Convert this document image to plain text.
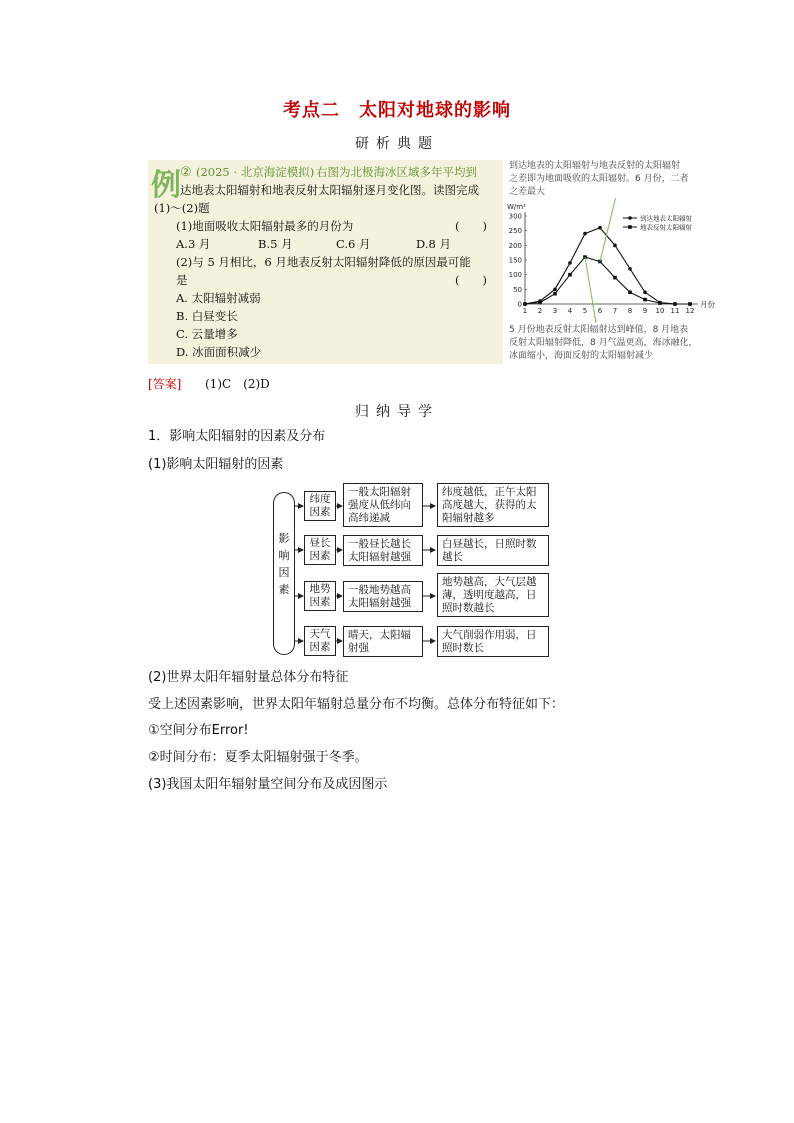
考点二　太阳对地球的影响
研析典题
例 ② (2025 · 北京海淀模拟) 右图为北极海冰区域多年平均到
达地表太阳辐射和地表反射太阳辐射逐月变化图。读图完成
(1)～(2)题
(1)地面吸收太阳辐射最多的月份为	(　　)
A.3 月	B.5 月	C.6 月	D.8 月
(2)与 5 月相比，6 月地表反射太阳辐射降低的原因最可能
是	(　　)
A. 太阳辐射减弱
B. 白昼变长
C. 云量增多
D. 冰面面积减少
到达地表的太阳辐射与地表反射的太阳辐射
之差即为地面吸收的太阳辐射。6 月份，二者
之差最大
5 月份地表反射太阳辐射达到峰值，8 月地表
反射太阳辐射降低，8 月气温更高，海冰融化，
冰面缩小，海面反射的太阳辐射减少
W/m²
月份
0
50
100
150
200
250
300
1 2 3 4 5 6 7 8 9 10 11 12
到达地表太阳辐射
地表反射太阳辐射
[答案] (1)C　(2)D
归纳导学
1．影响太阳辐射的因素及分布
(1)影响太阳辐射的因素
影响因素
纬度因素
一般太阳辐射强度从低纬向高纬递减
纬度越低，正午太阳高度越大，获得的太阳辐射越多
昼长因素
一般昼长越长太阳辐射越强
白昼越长，日照时数越长
地势因素
一般地势越高太阳辐射越强
地势越高，大气层越薄，透明度越高，日照时数越长
天气因素
晴天，太阳辐射强
大气削弱作用弱，日照时数长
(2)世界太阳年辐射量总体分布特征
受上述因素影响，世界太阳年辐射总量分布不均衡。总体分布特征如下：
①空间分布Error!
②时间分布：夏季太阳辐射强于冬季。
(3)我国太阳年辐射量空间分布及成因图示
